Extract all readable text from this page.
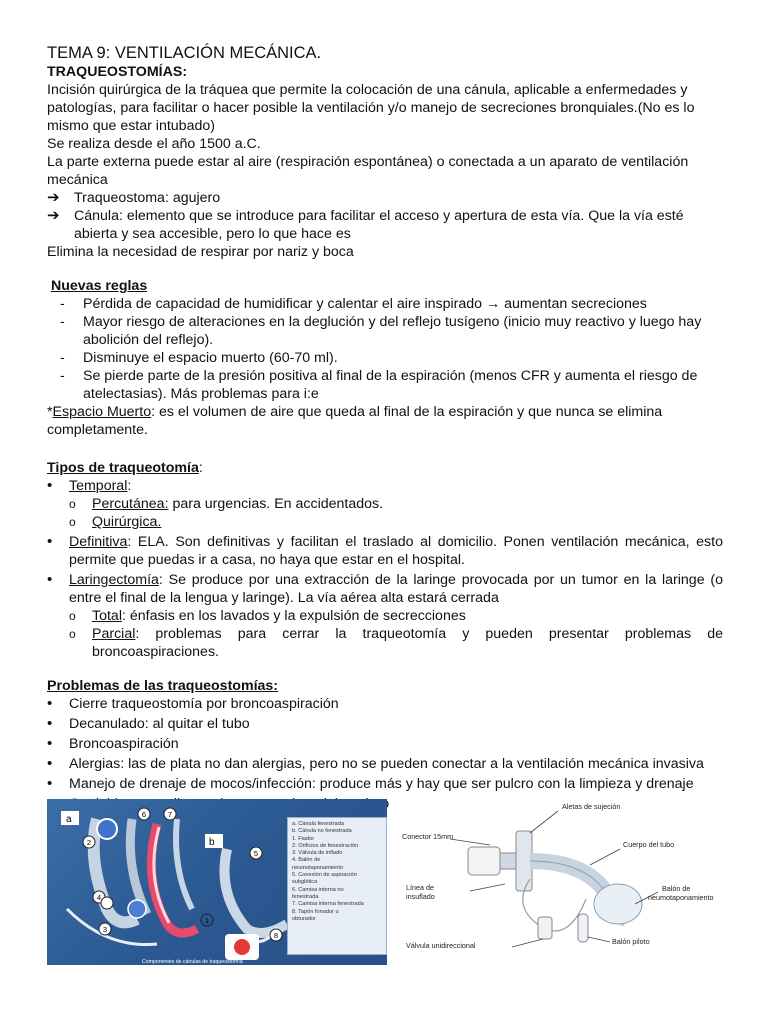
TEMA 9: VENTILACIÓN MECÁNICA.

TRAQUEOSTOMÍAS:

Incisión quirúrgica de la tráquea que permite la colocación de una cánula, aplicable a enfermedades y patologías, para facilitar o hacer posible la ventilación y/o manejo de secreciones bronquiales.(No es lo mismo que estar intubado)

Se realiza desde el año 1500 a.C.

La parte externa puede estar al aire (respiración espontánea) o conectada a un aparato de ventilación mecánica

➔	Traqueostoma: agujero
➔	Cánula: elemento que se introduce para facilitar el acceso y apertura de esta vía. Que la vía esté abierta y sea accesible, pero lo que hace es

Elimina la necesidad de respirar por nariz y boca

Nuevas reglas

-	Pérdida de capacidad de humidificar y calentar el aire inspirado → aumentan secreciones
-	Mayor riesgo de alteraciones en la deglución y del reflejo tusígeno (inicio muy reactivo y luego hay abolición del reflejo).
-	Disminuye el espacio muerto (60-70 ml).
-	Se pierde parte de la presión positiva al final de la espiración (menos CFR y aumenta el riesgo de atelectasias). Más problemas para i:e

*Espacio Muerto: es el volumen de aire que queda al final de la espiración y que nunca se elimina completamente.

Tipos de traqueotomía:

•	Temporal:
o	Percutánea: para urgencias. En accidentados.
o	Quirúrgica.
•	Definitiva: ELA. Son definitivas y facilitan el traslado al domicilio. Ponen ventilación mecánica, esto permite que puedas ir a casa, no haya que estar en el hospital.
•	Laringectomía: Se produce por una extracción de la laringe provocada por un tumor en la laringe (o entre el final de la lengua y laringe). La vía aérea alta estará cerrada
o	Total: énfasis en los lavados y la expulsión de secrecciones
o	Parcial: problemas para cerrar la traqueotomía y pueden presentar problemas de broncoaspiraciones.

Problemas de las traqueostomías:

•	Cierre traqueostomía por broncoaspiración
•	Decanulado: al quitar el tubo
•	Broncoaspiración
•	Alergias: las de plata no dan alergias, pero no se pueden conectar a la ventilación mecánica invasiva
•	Manejo de drenaje de mocos/infección: produce más y hay que ser pulcro con la limpieza y drenaje
a
b
2
3
4
1
5
6	7
8
a. Cánula fenestrada
b. Cánula no fenestrada
1. Fiador
2. Orificios de fenestración
3. Válvula de inflado
4. Balón de
neumotaponamiento
5. Conexión de aspiración
subglótica
6. Camisa interna no
fenestrada
7. Camisa interna fenestrada
8. Tapón fonador u
obturador
Componentes de cánulas de traqueostomía
Aletas de sujeción
Conector 15mm
Cuerpo del tubo
Línea de
insuflado
Balón de
neumotaponamiento
Válvula unidireccional	Balón piloto
